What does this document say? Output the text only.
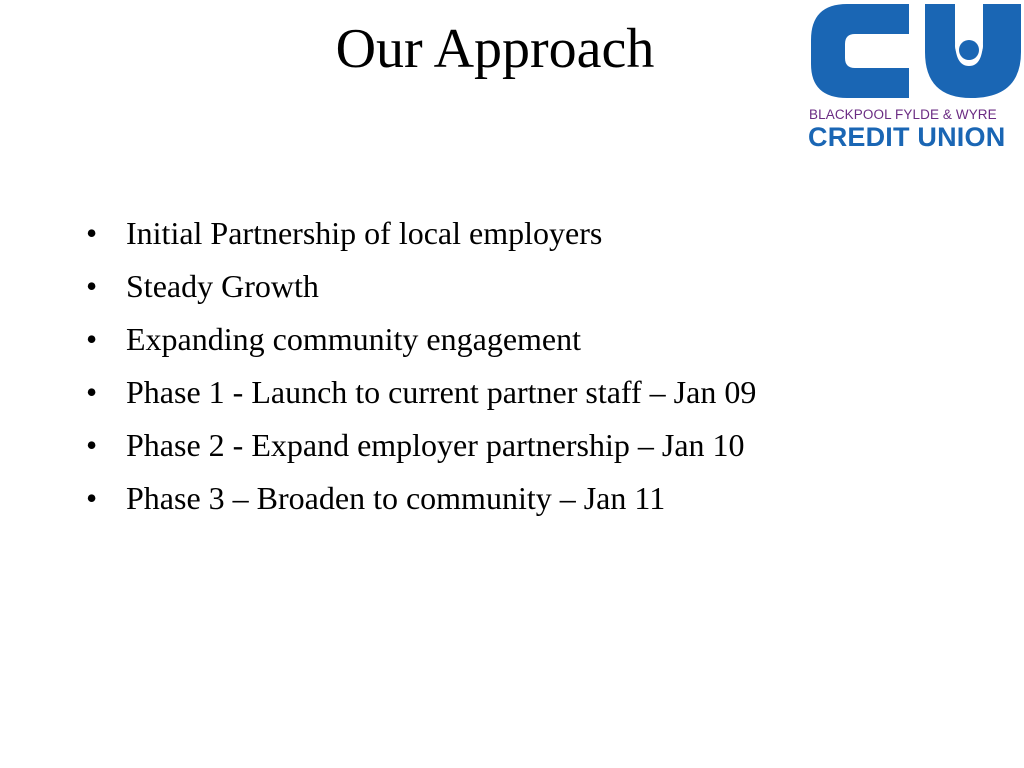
Our Approach
BLACKPOOL FYLDE & WYRE
CREDIT UNION
• Initial Partnership of local employers
• Steady Growth
• Expanding community engagement
• Phase 1 - Launch to current partner staff – Jan 09
• Phase 2 - Expand employer partnership – Jan 10
• Phase 3 – Broaden to community – Jan 11
